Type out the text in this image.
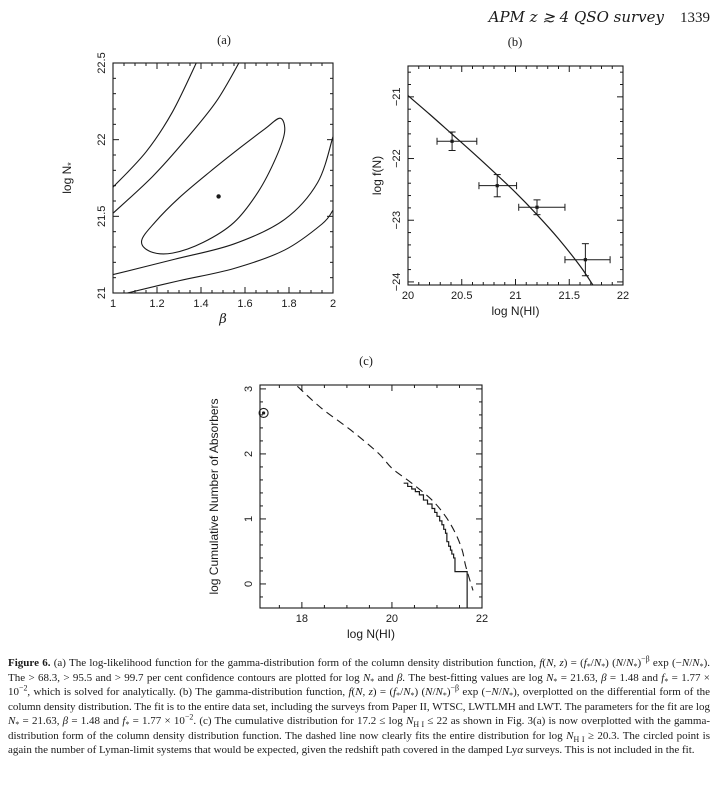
APM z ≳ 4 QSO survey 1339
(a)	(b)
(c)
1	1.2	1.4	1.6	1.8	2
21
21.5
22
22.5
β
$\log N_*$
20	20.5	21	21.5	22
−24
−23
−22
−21
log N(HI)
log f(N)
18	20	22
0
1
2
3
log N(HI)
log Cumulative Number of Absorbers
Figure 6. (a) The log-likelihood function for the gamma-distribution form of the column density distribution function, f(N, $z) = (f_*/N_*)$ $(N/N_*)^{-\beta}$ $\exp (-N/N_*)$. The > 68.3, > 95.5 and > 99.7 per cent confidence contours are plotted for $\log N_*$ and β. The best-fitting values are $\log N_* = 21.63$, β = 1.48 and $f_* = 1.77 \times 10^{-2}$, which is solved for analytically. (b) The gamma-distribution function, f(N, $z) = (f_*/N_*)$ $(N/N_*)^{-\beta}$ $\exp (-N/N_*)$, overplotted on the differential form of the column density distribution. The fit is to the entire data set, including the surveys from Paper II, WTSC, LWTLMH and LWT. The parameters for the fit are $\log N_* = 21.63$, β = 1.48 and $f_* = 1.77 \times 10^{-2}$. (c) The cumulative distribution for $17.2 \le \log N_{H I} \le 22$ as shown in Fig. 3(a) is now overplotted with the gamma-distribution form of the column density distribution function. The dashed line now clearly fits the entire distribution for $\log N_{H I} \ge 20.3$. The circled point is again the number of Lyman-limit systems that would be expected, given the redshift path covered in the damped Lyα surveys. This is not included in the fit.
